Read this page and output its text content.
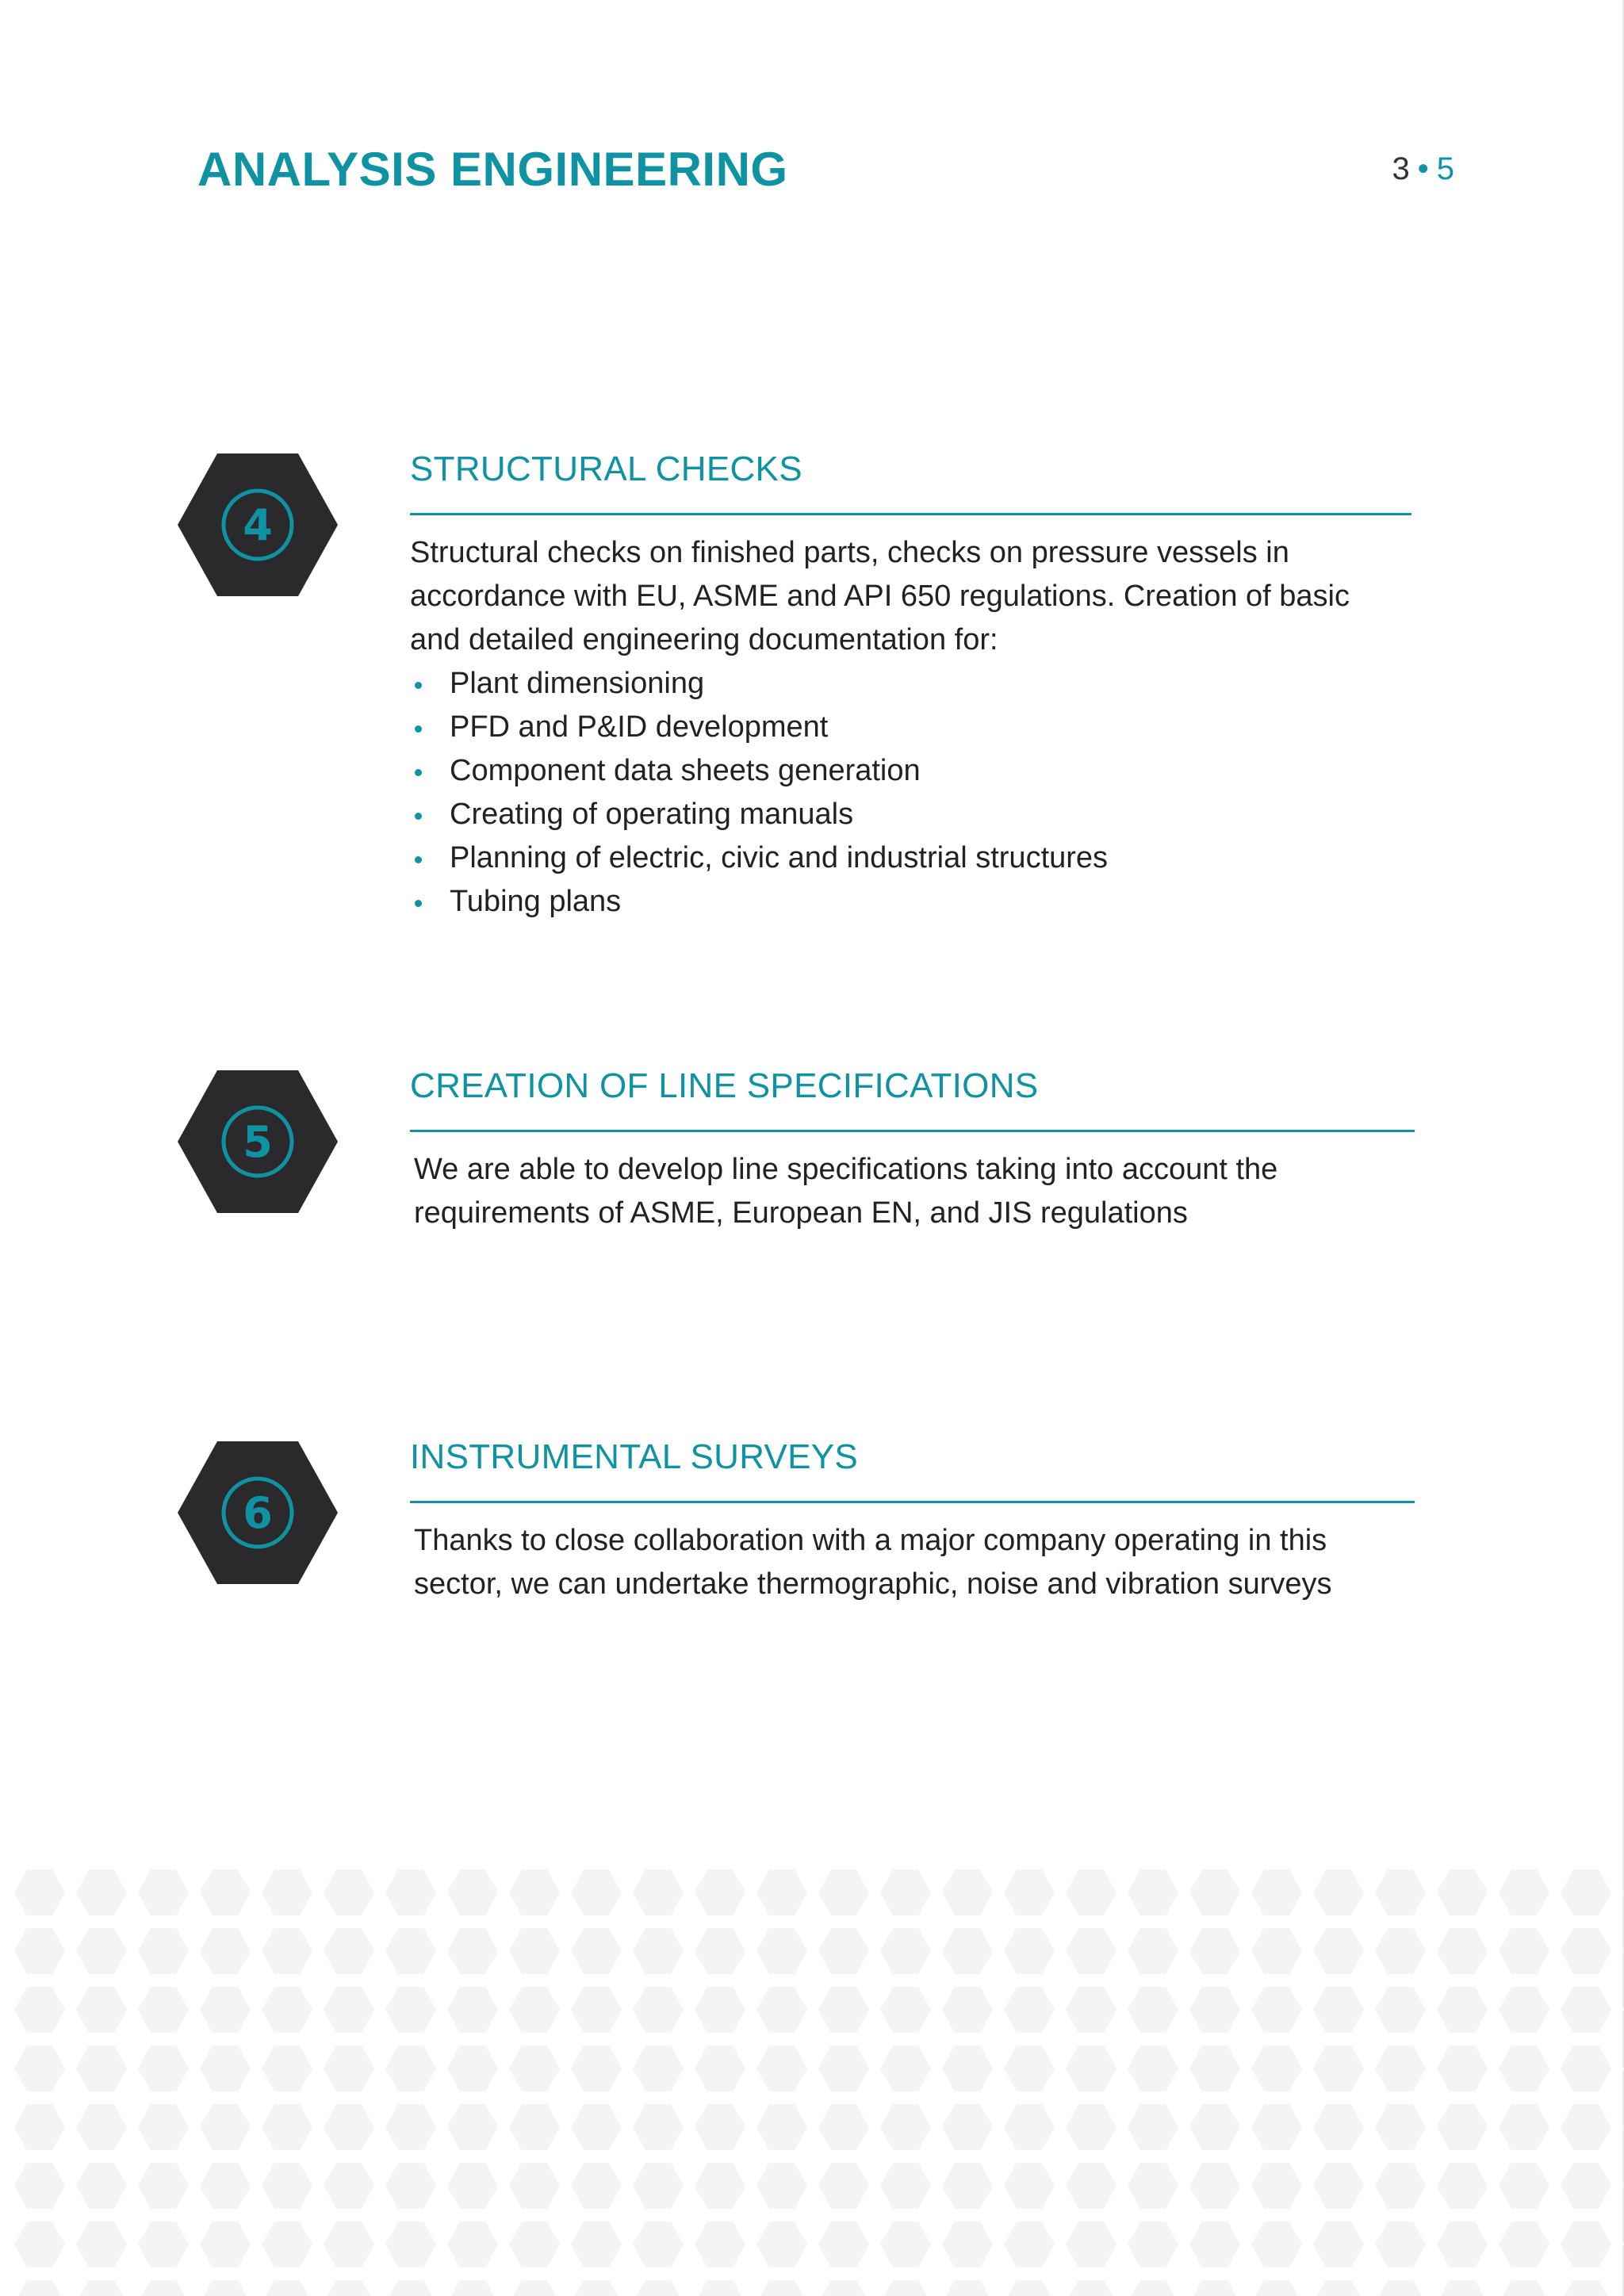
ANALYSIS ENGINEERING	3 • 5
4
STRUCTURAL CHECKS

Structural checks on finished parts, checks on pressure vessels in accordance with EU, ASME and API 650 regulations. Creation of basic and detailed engineering documentation for:

Plant dimensioning
PFD and P&ID development
Component data sheets generation
Creating of operating manuals
Planning of electric, civic and industrial structures
Tubing plans
5
CREATION OF LINE SPECIFICATIONS
We are able to develop line specifications taking into account the requirements of ASME, European EN, and JIS regulations
6
INSTRUMENTAL SURVEYS
Thanks to close collaboration with a major company operating in this sector, we can undertake thermographic, noise and vibration surveys
